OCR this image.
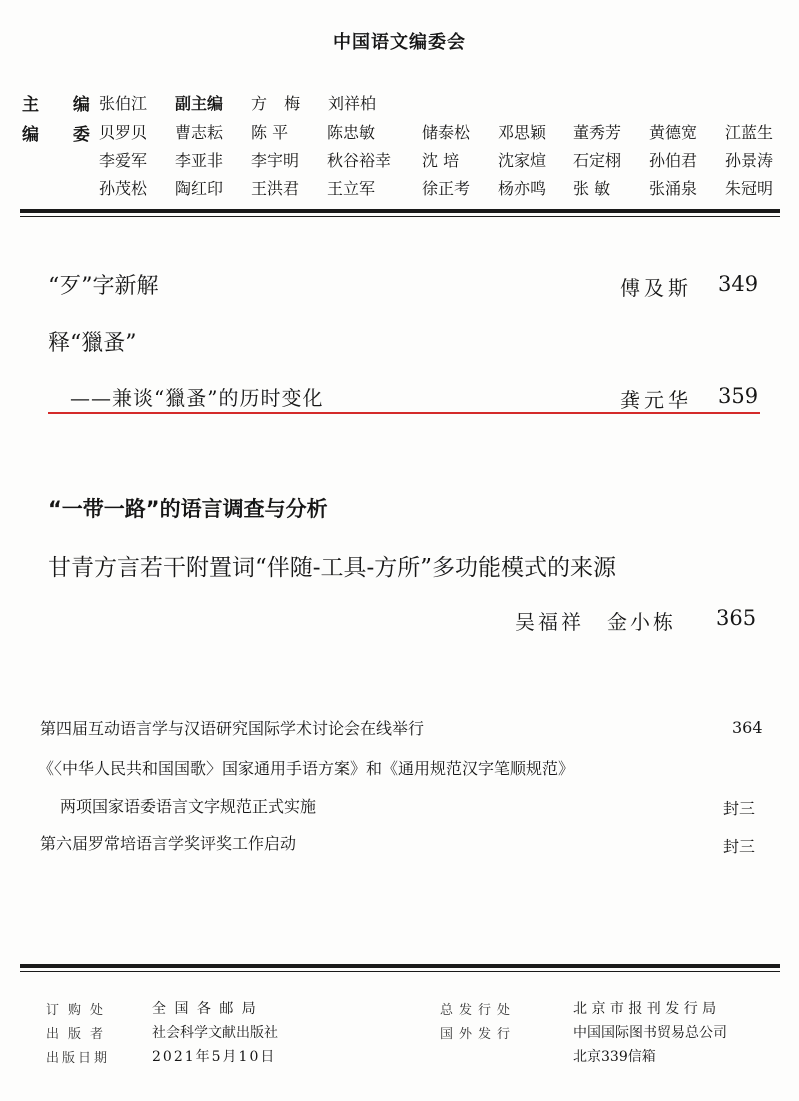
中国语文编委会
主 编
张伯江 副主编 方 梅 刘祥柏
编 委
贝罗贝 曹志耘 陈 平 陈忠敏	储泰松 邓思颖 董秀芳 黄德宽 江蓝生
李爱军 李亚非 李宇明 秋谷裕幸 沈 培 沈家煊 石定栩 孙伯君 孙景涛
孙茂松 陶红印 王洪君 王立军	徐正考 杨亦鸣 张 敏 张涌泉 朱冠明
“歹”字新解	傅及斯 349
释“獵蚤”
——兼谈“獵蚤”的历时变化	龚元华 359
“一带一路”的语言调查与分析
甘青方言若干附置词“伴随-工具-方所”多功能模式的来源
吴福祥　金小栋 365
第四届互动语言学与汉语研究国际学术讨论会在线举行	364
《〈中华人民共和国国歌〉国家通用手语方案》和《通用规范汉字笔顺规范》
两项国家语委语言文字规范正式实施	封三
第六届罗常培语言学奖评奖工作启动	封三
订购处	全 国 各 邮 局
出版者	社会科学文献出版社
出版日期	2021年5月10日
总发行处	北 京 市 报 刊 发 行 局
国外发行	中国国际图书贸易总公司
北京339信箱
